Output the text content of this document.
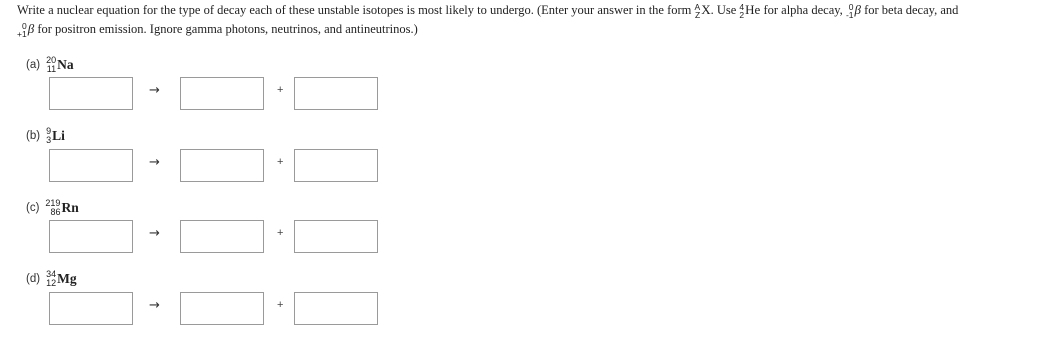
Write a nuclear equation for the type of decay each of these unstable isotopes is most likely to undergo. (Enter your answer in the form A
Z X. Use 4
2 He for alpha decay, 0
-1 β for beta decay, and

0
+1 β for positron emission. Ignore gamma photons, neutrinos, and antineutrinos.)
(a) 20
11 Na
→	+
(b) 9
3 Li
→	+
(c) 219
86 Rn
→	+
(d) 34
12 Mg
→	+
